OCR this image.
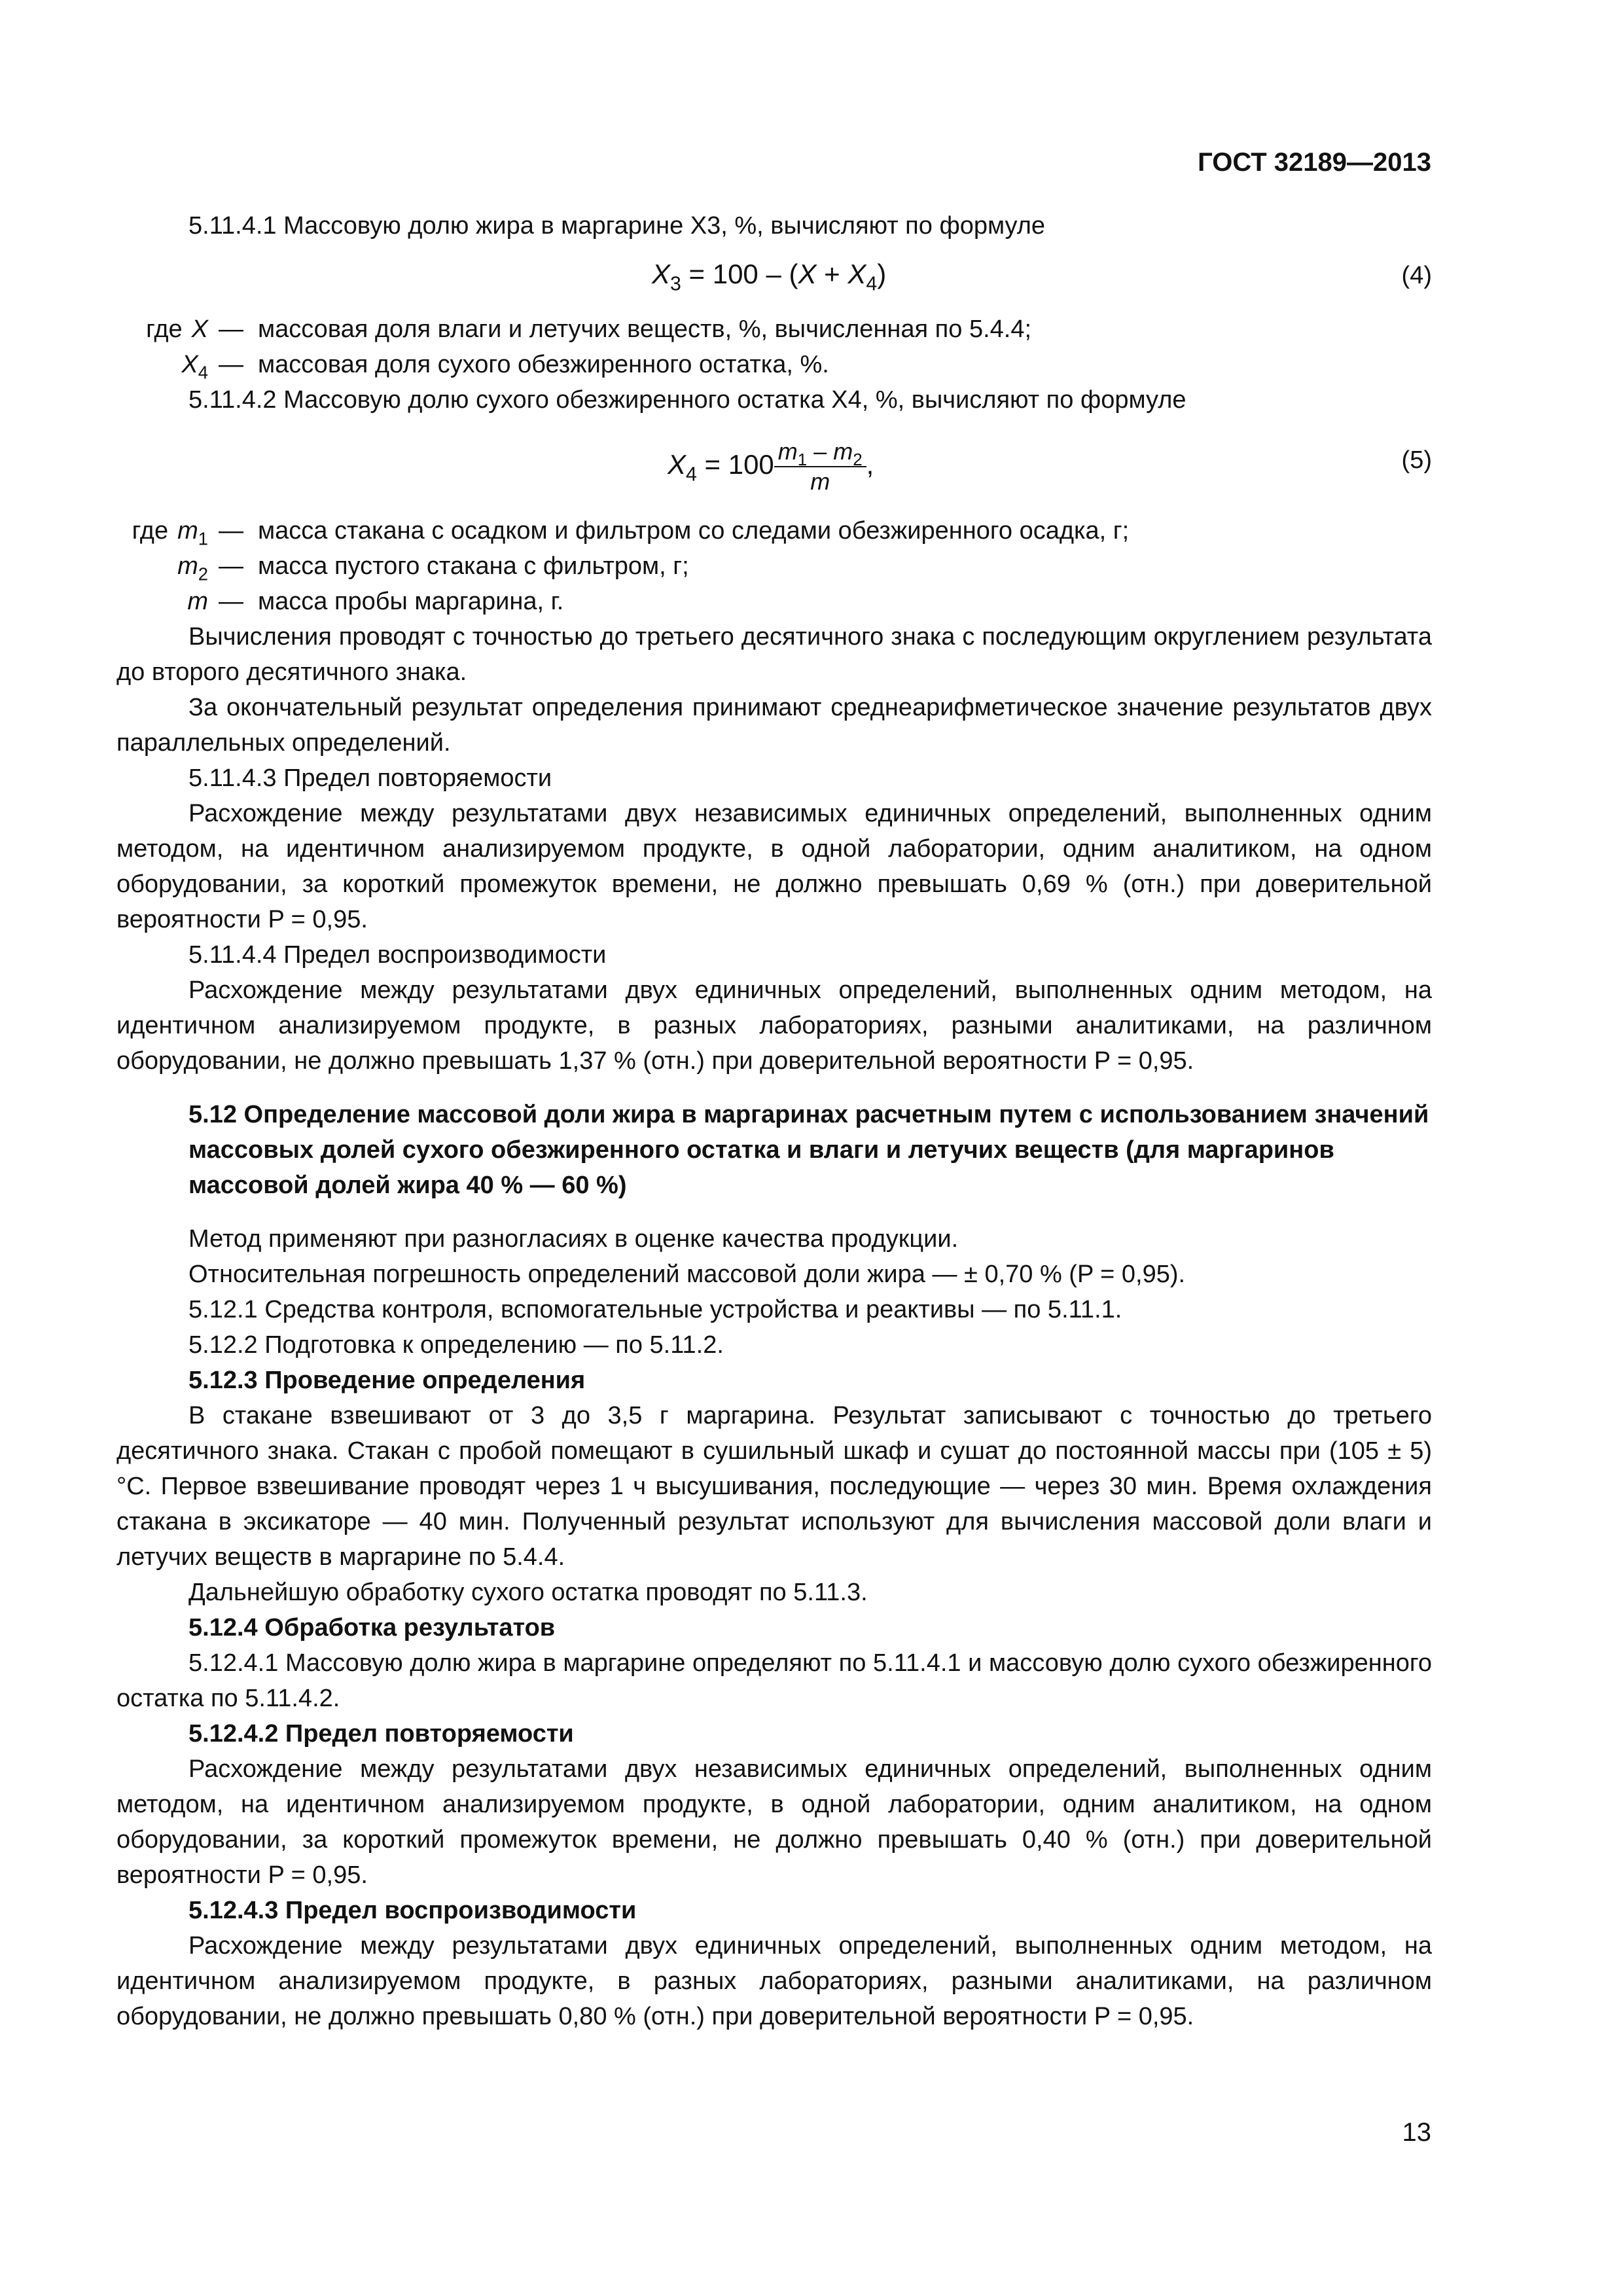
ГОСТ 32189—2013

5.11.4.1 Массовую долю жира в маргарине X3, %, вычисляют по формуле

$X_3 = 100 - (X + X_4)$	(4)
где X — массовая доля влаги и летучих веществ, %, вычисленная по 5.4.4;
$X_4$ — массовая доля сухого обезжиренного остатка, %.

5.11.4.2 Массовую долю сухого обезжиренного остатка X4, %, вычисляют по формуле

$X_4 = 100 \frac{m_1 - m_2}{m}$ ,	(5)
где $m_1$ — масса стакана с осадком и фильтром со следами обезжиренного осадка, г;
$m_2$ — масса пустого стакана с фильтром, г;
m — масса пробы маргарина, г.

Вычисления проводят с точностью до третьего десятичного знака с последующим округлением результата до второго десятичного знака.

За окончательный результат определения принимают среднеарифметическое значение результатов двух параллельных определений.

5.11.4.3 Предел повторяемости

Расхождение между результатами двух независимых единичных определений, выполненных одним методом, на идентичном анализируемом продукте, в одной лаборатории, одним аналитиком, на одном оборудовании, за короткий промежуток времени, не должно превышать 0,69 % (отн.) при доверительной вероятности P = 0,95.

5.11.4.4 Предел воспроизводимости

Расхождение между результатами двух единичных определений, выполненных одним методом, на идентичном анализируемом продукте, в разных лабораториях, разными аналитиками, на различном оборудовании, не должно превышать 1,37 % (отн.) при доверительной вероятности P = 0,95.

5.12 Определение массовой доли жира в маргаринах расчетным путем с использованием значений массовых долей сухого обезжиренного остатка и влаги и летучих веществ (для маргаринов массовой долей жира 40 % — 60 %)

Метод применяют при разногласиях в оценке качества продукции.

Относительная погрешность определений массовой доли жира — ± 0,70 % (P = 0,95).

5.12.1 Средства контроля, вспомогательные устройства и реактивы — по 5.11.1.

5.12.2 Подготовка к определению — по 5.11.2.

5.12.3 Проведение определения

В стакане взвешивают от 3 до 3,5 г маргарина. Результат записывают с точностью до третьего десятичного знака. Стакан с пробой помещают в сушильный шкаф и сушат до постоянной массы при (105 ± 5) °С. Первое взвешивание проводят через 1 ч высушивания, последующие — через 30 мин. Время охлаждения стакана в эксикаторе — 40 мин. Полученный результат используют для вычисления массовой доли влаги и летучих веществ в маргарине по 5.4.4.

Дальнейшую обработку сухого остатка проводят по 5.11.3.

5.12.4 Обработка результатов

5.12.4.1 Массовую долю жира в маргарине определяют по 5.11.4.1 и массовую долю сухого обезжиренного остатка по 5.11.4.2.

5.12.4.2 Предел повторяемости

Расхождение между результатами двух независимых единичных определений, выполненных одним методом, на идентичном анализируемом продукте, в одной лаборатории, одним аналитиком, на одном оборудовании, за короткий промежуток времени, не должно превышать 0,40 % (отн.) при доверительной вероятности P = 0,95.

5.12.4.3 Предел воспроизводимости

Расхождение между результатами двух единичных определений, выполненных одним методом, на идентичном анализируемом продукте, в разных лабораториях, разными аналитиками, на различном оборудовании, не должно превышать 0,80 % (отн.) при доверительной вероятности P = 0,95.

13
